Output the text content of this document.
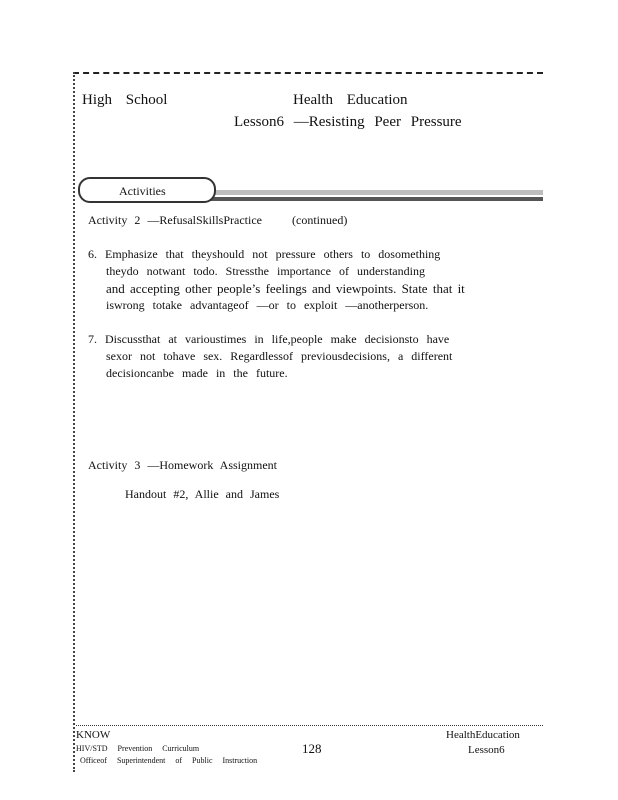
High School	Health Education
Lesson6 —Resisting Peer Pressure
Activities
Activity 2 —RefusalSkillsPractice	(continued)
6. Emphasize that theyshould not pressure others to dosomething
theydo notwant todo. Stressthe importance of understanding
and accepting other people’s feelings and viewpoints. State that it
iswrong totake advantageof —or to exploit —anotherperson.
7. Discussthat at varioustimes in life,people make decisionsto have
sexor not tohave sex. Regardlessof previousdecisions, a different
decisioncanbe made in the future.
Activity 3 —Homework Assignment
Handout #2, Allie and James
KNOW
HIV/STD Prevention Curriculum
Officeof Superintendent of Public Instruction
128
HealthEducation
Lesson6
